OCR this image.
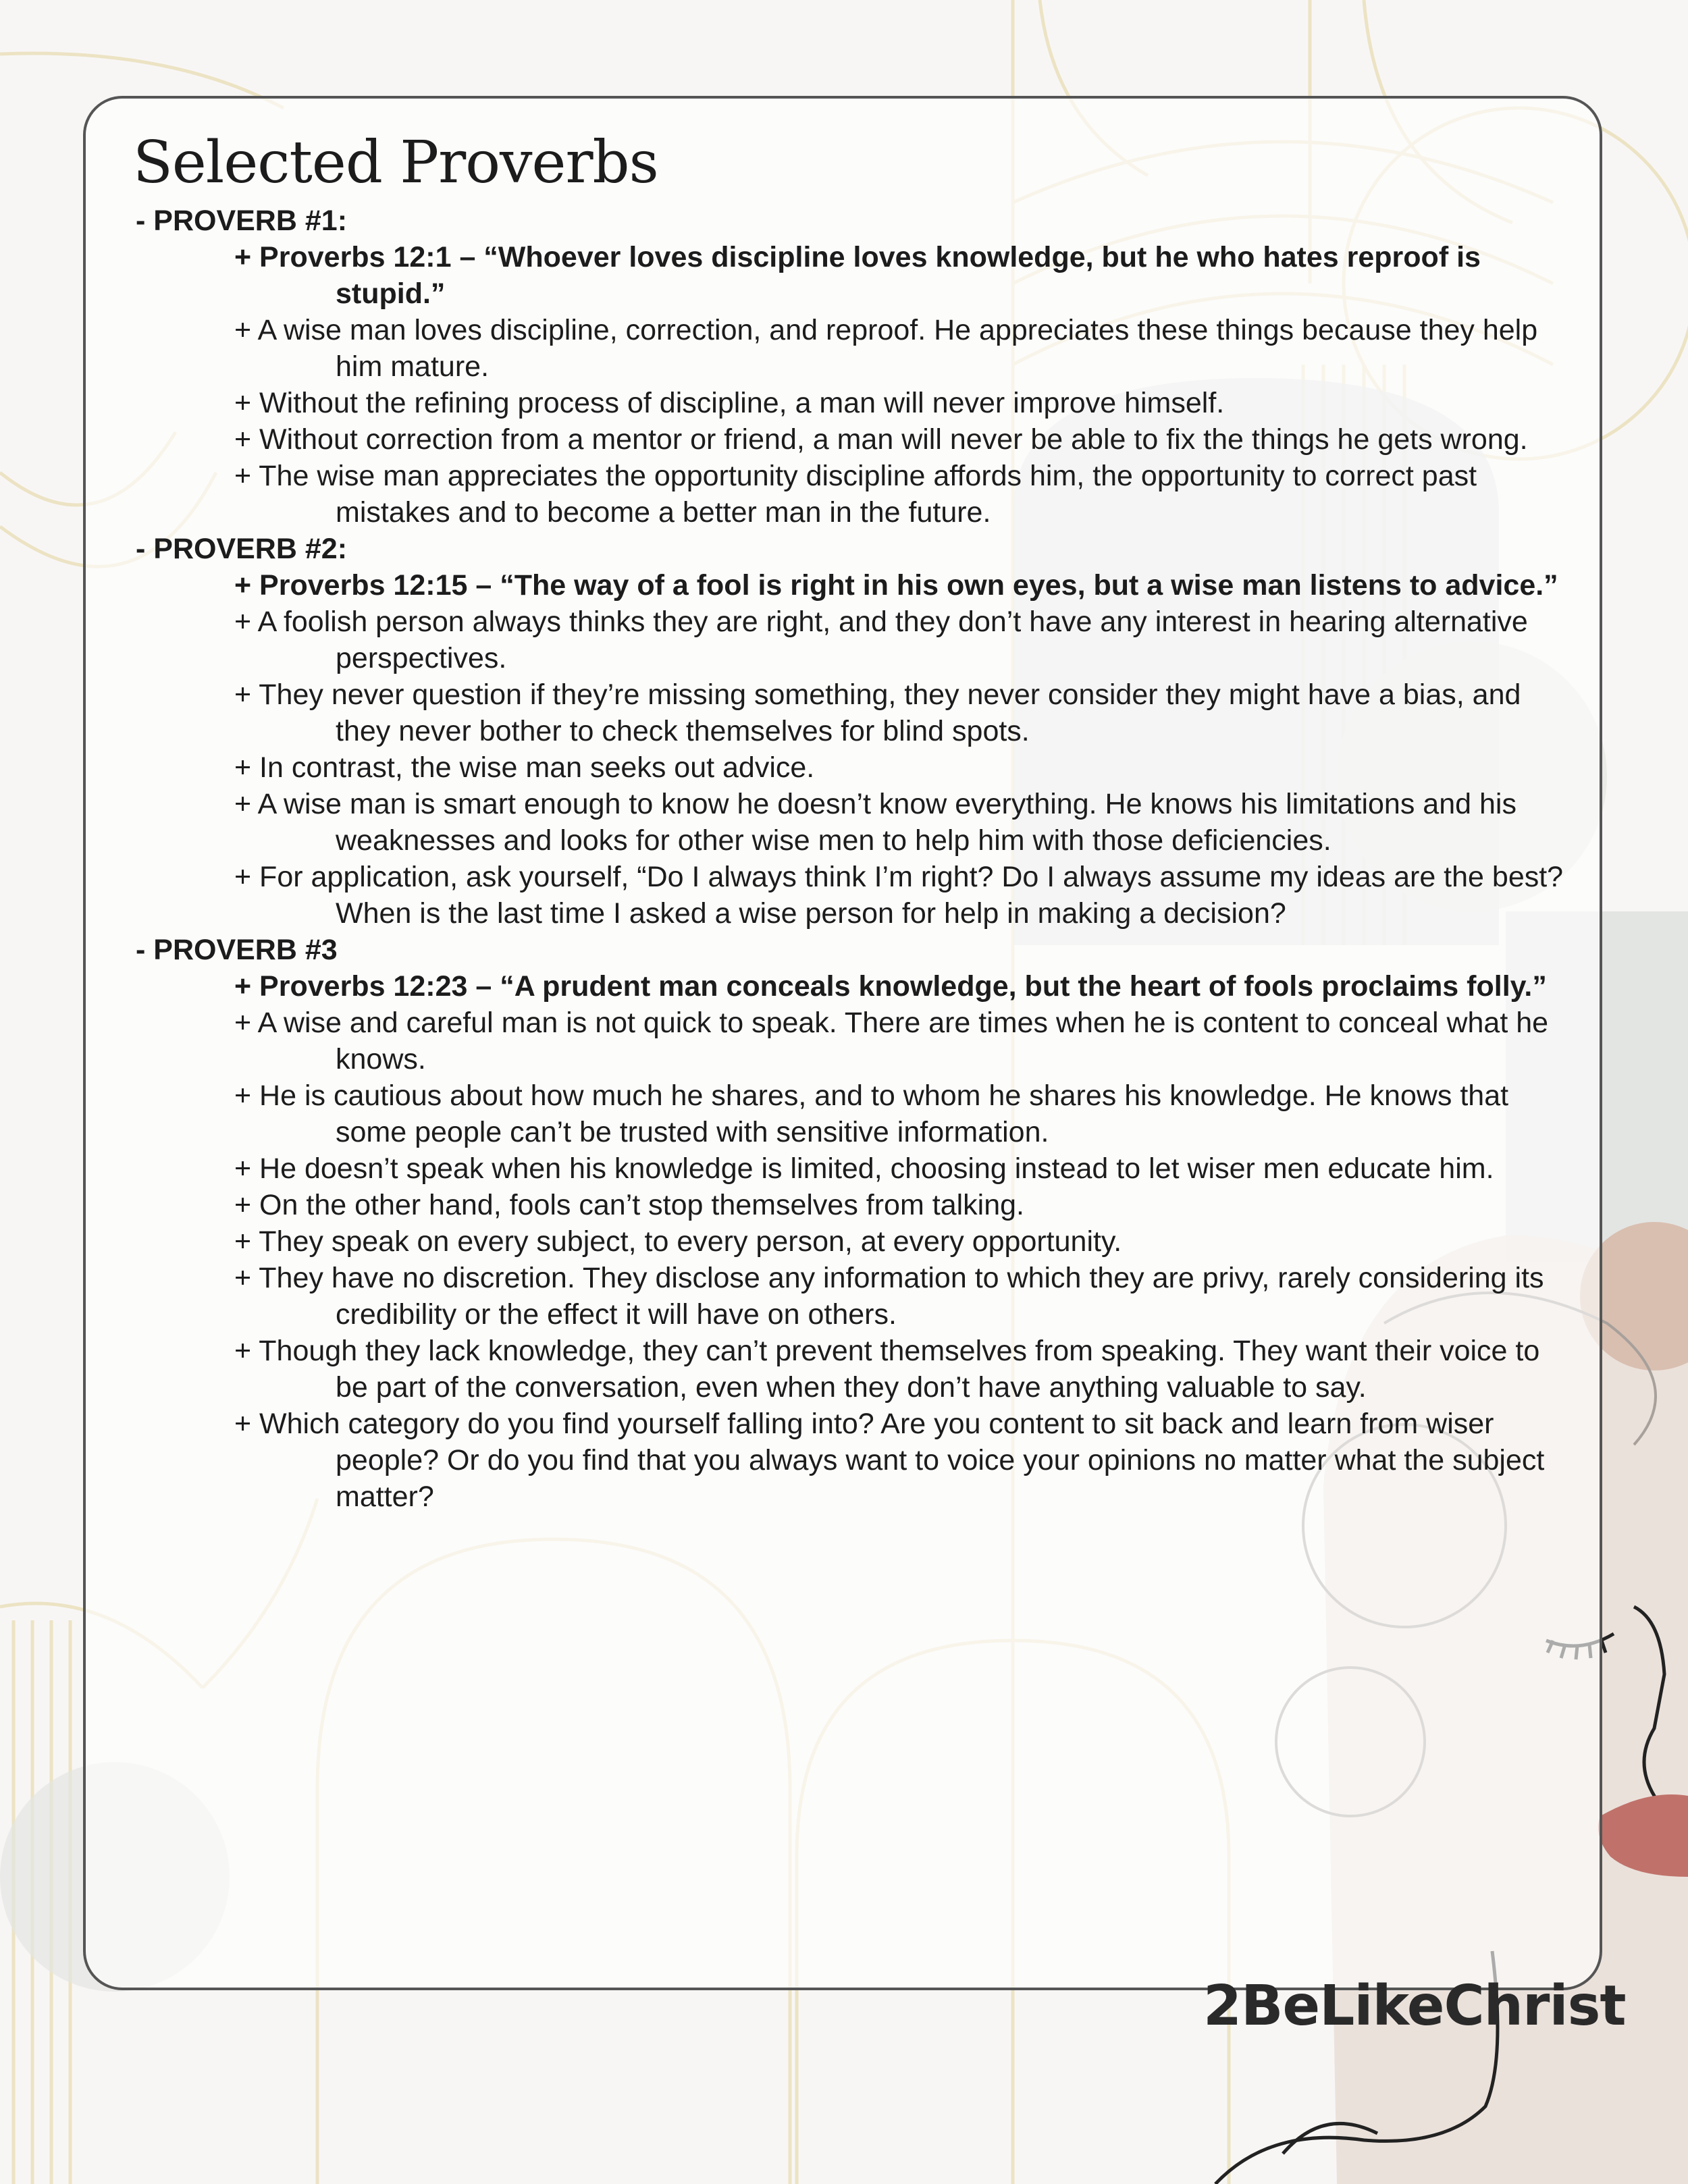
Selected Proverbs

- PROVERB #1:

+ Proverbs 12:1 – “Whoever loves discipline loves knowledge, but he who hates reproof is stupid.”

+ A wise man loves discipline, correction, and reproof. He appreciates these things because they help him mature.

+ Without the refining process of discipline, a man will never improve himself.

+ Without correction from a mentor or friend, a man will never be able to fix the things he gets wrong.

+ The wise man appreciates the opportunity discipline affords him, the opportunity to correct past mistakes and to become a better man in the future.

- PROVERB #2:

+ Proverbs 12:15 – “The way of a fool is right in his own eyes, but a wise man listens to advice.”

+ A foolish person always thinks they are right, and they don’t have any interest in hearing alternative perspectives.

+ They never question if they’re missing something, they never consider they might have a bias, and they never bother to check themselves for blind spots.

+ In contrast, the wise man seeks out advice.

+ A wise man is smart enough to know he doesn’t know everything. He knows his limitations and his weaknesses and looks for other wise men to help him with those deficiencies.

+ For application, ask yourself, “Do I always think I’m right? Do I always assume my ideas are the best? When is the last time I asked a wise person for help in making a decision?

- PROVERB #3

+ Proverbs 12:23 – “A prudent man conceals knowledge, but the heart of fools proclaims folly.”

+ A wise and careful man is not quick to speak. There are times when he is content to conceal what he knows.

+ He is cautious about how much he shares, and to whom he shares his knowledge. He knows that some people can’t be trusted with sensitive information.

+ He doesn’t speak when his knowledge is limited, choosing instead to let wiser men educate him.

+ On the other hand, fools can’t stop themselves from talking.

+ They speak on every subject, to every person, at every opportunity.

+ They have no discretion. They disclose any information to which they are privy, rarely considering its credibility or the effect it will have on others.

+ Though they lack knowledge, they can’t prevent themselves from speaking. They want their voice to be part of the conversation, even when they don’t have anything valuable to say.

+ Which category do you find yourself falling into? Are you content to sit back and learn from wiser people? Or do you find that you always want to voice your opinions no matter what the subject matter?

2BeLikeChrist
